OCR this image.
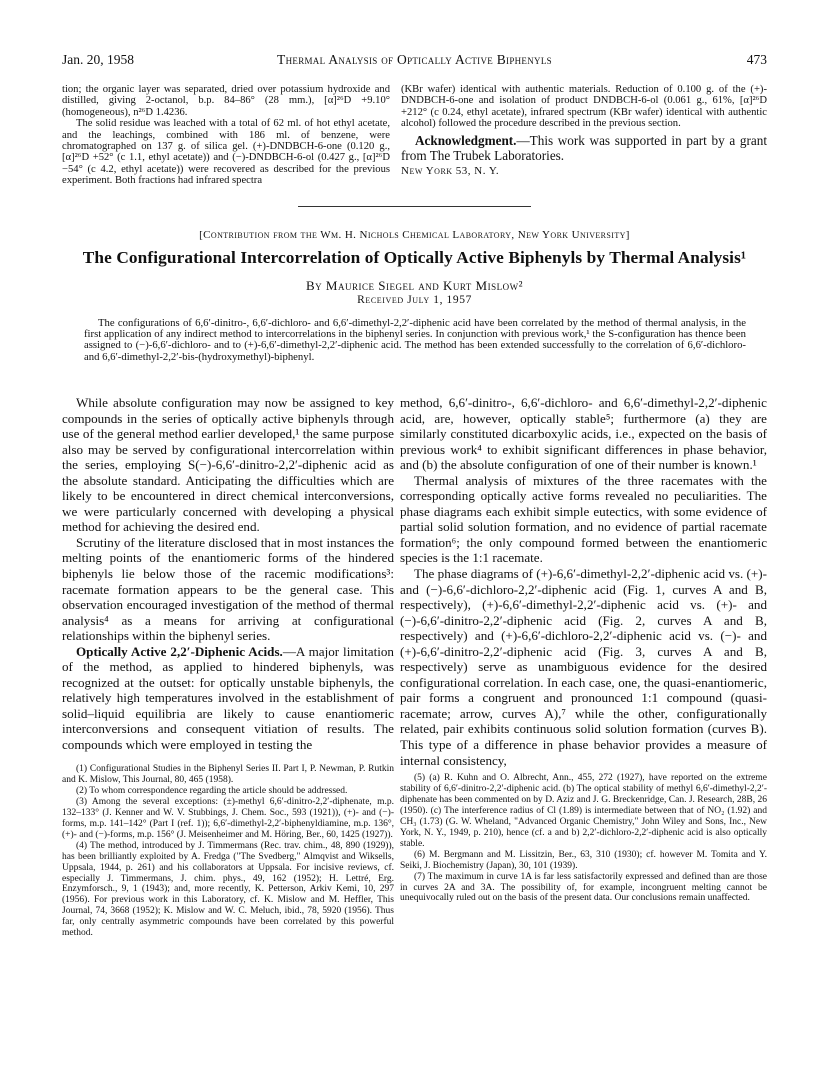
Jan. 20, 1958	Thermal Analysis of Optically Active Biphenyls	473

tion; the organic layer was separated, dried over potassium hydroxide and distilled, giving 2-octanol, b.p. 84–86° (28 mm.), [α]²⁶D +9.10° (homogeneous), n²⁶D 1.4236.

The solid residue was leached with a total of 62 ml. of hot ethyl acetate, and the leachings, combined with 186 ml. of benzene, were chromatographed on 137 g. of silica gel. (+)-DNDBCH-6-one (0.120 g., [α]²⁶D +52° (c 1.1, ethyl acetate)) and (−)-DNDBCH-6-ol (0.427 g., [α]²⁶D −54° (c 4.2, ethyl acetate)) were recovered as described for the previous experiment. Both fractions had infrared spectra

(KBr wafer) identical with authentic materials. Reduction of 0.100 g. of the (+)-DNDBCH-6-one and isolation of product DNDBCH-6-ol (0.061 g., 61%, [α]²⁶D +212° (c 0.24, ethyl acetate), infrared spectrum (KBr wafer) identical with authentic alcohol) followed the procedure described in the previous section.

Acknowledgment.—This work was supported in part by a grant from The Trubek Laboratories.

New York 53, N. Y.

[Contribution from the Wm. H. Nichols Chemical Laboratory, New York University]
The Configurational Intercorrelation of Optically Active Biphenyls by Thermal Analysis¹
By Maurice Siegel and Kurt Mislow²
Received July 1, 1957
The configurations of 6,6′-dinitro-, 6,6′-dichloro- and 6,6′-dimethyl-2,2′-diphenic acid have been correlated by the method of thermal analysis, in the first application of any indirect method to intercorrelations in the biphenyl series. In conjunction with previous work,¹ the S-configuration has thence been assigned to (−)-6,6′-dichloro- and to (+)-6,6′-dimethyl-2,2′-diphenic acid. The method has been extended successfully to the correlation of 6,6′-dichloro- and 6,6′-dimethyl-2,2′-bis-(hydroxymethyl)-biphenyl.

While absolute configuration may now be assigned to key compounds in the series of optically active biphenyls through use of the general method earlier developed,¹ the same purpose also may be served by configurational intercorrelation within the series, employing S(−)-6,6′-dinitro-2,2′-diphenic acid as the absolute standard. Anticipating the difficulties which are likely to be encountered in direct chemical interconversions, we were particularly concerned with developing a physical method for achieving the desired end.

Scrutiny of the literature disclosed that in most instances the melting points of the enantiomeric forms of the hindered biphenyls lie below those of the racemic modifications³: racemate formation appears to be the general case. This observation encouraged investigation of the method of thermal analysis⁴ as a means for arriving at configurational relationships within the biphenyl series.

Optically Active 2,2′-Diphenic Acids.—A major limitation of the method, as applied to hindered biphenyls, was recognized at the outset: for optically unstable biphenyls, the relatively high temperatures involved in the establishment of solid–liquid equilibria are likely to cause enantiomeric interconversions and consequent vitiation of results. The compounds which were employed in testing the

method, 6,6′-dinitro-, 6,6′-dichloro- and 6,6′-dimethyl-2,2′-diphenic acid, are, however, optically stable⁵; furthermore (a) they are similarly constituted dicarboxylic acids, i.e., expected on the basis of previous work⁴ to exhibit significant differences in phase behavior, and (b) the absolute configuration of one of their number is known.¹

Thermal analysis of mixtures of the three racemates with the corresponding optically active forms revealed no peculiarities. The phase diagrams each exhibit simple eutectics, with some evidence of partial solid solution formation, and no evidence of partial racemate formation⁶; the only compound formed between the enantiomeric species is the 1:1 racemate.

The phase diagrams of (+)-6,6′-dimethyl-2,2′-diphenic acid vs. (+)- and (−)-6,6′-dichloro-2,2′-diphenic acid (Fig. 1, curves A and B, respectively), (+)-6,6′-dimethyl-2,2′-diphenic acid vs. (+)- and (−)-6,6′-dinitro-2,2′-diphenic acid (Fig. 2, curves A and B, respectively) and (+)-6,6′-dichloro-2,2′-diphenic acid vs. (−)- and (+)-6,6′-dinitro-2,2′-diphenic acid (Fig. 3, curves A and B, respectively) serve as unambiguous evidence for the desired configurational correlation. In each case, one, the quasi-enantiomeric, pair forms a congruent and pronounced 1:1 compound (quasi-racemate; arrow, curves A),⁷ while the other, configurationally related, pair exhibits continuous solid solution formation (curves B). This type of a difference in phase behavior provides a measure of internal consistency,

(1) Configurational Studies in the Biphenyl Series II. Part I, P. Newman, P. Rutkin and K. Mislow, This Journal, 80, 465 (1958).

(2) To whom correspondence regarding the article should be addressed.

(3) Among the several exceptions: (±)-methyl 6,6′-dinitro-2,2′-diphenate, m.p. 132–133° (J. Kenner and W. V. Stubbings, J. Chem. Soc., 593 (1921)), (+)- and (−)-forms, m.p. 141–142° (Part I (ref. 1)); 6,6′-dimethyl-2,2′-biphenyldiamine, m.p. 136°, (+)- and (−)-forms, m.p. 156° (J. Meisenheimer and M. Höring, Ber., 60, 1425 (1927)).

(4) The method, introduced by J. Timmermans (Rec. trav. chim., 48, 890 (1929)), has been brilliantly exploited by A. Fredga ("The Svedberg," Almqvist and Wiksells, Uppsala, 1944, p. 261) and his collaborators at Uppsala. For incisive reviews, cf. especially J. Timmermans, J. chim. phys., 49, 162 (1952); H. Lettré, Erg. Enzymforsch., 9, 1 (1943); and, more recently, K. Petterson, Arkiv Kemi, 10, 297 (1956). For previous work in this Laboratory, cf. K. Mislow and M. Heffler, This Journal, 74, 3668 (1952); K. Mislow and W. C. Meluch, ibid., 78, 5920 (1956). Thus far, only centrally asymmetric compounds have been correlated by this powerful method.

(5) (a) R. Kuhn and O. Albrecht, Ann., 455, 272 (1927), have reported on the extreme stability of 6,6′-dinitro-2,2′-diphenic acid. (b) The optical stability of methyl 6,6′-dimethyl-2,2′-diphenate has been commented on by D. Aziz and J. G. Breckenridge, Can. J. Research, 28B, 26 (1950). (c) The interference radius of Cl (1.89) is intermediate between that of NO₂ (1.92) and CH₃ (1.73) (G. W. Wheland, "Advanced Organic Chemistry," John Wiley and Sons, Inc., New York, N. Y., 1949, p. 210), hence (cf. a and b) 2,2′-dichloro-2,2′-diphenic acid is also optically stable.

(6) M. Bergmann and M. Lissitzin, Ber., 63, 310 (1930); cf. however M. Tomita and Y. Seiki, J. Biochemistry (Japan), 30, 101 (1939).

(7) The maximum in curve 1A is far less satisfactorily expressed and defined than are those in curves 2A and 3A. The possibility of, for example, incongruent melting cannot be unequivocally ruled out on the basis of the present data. Our conclusions remain unaffected.
